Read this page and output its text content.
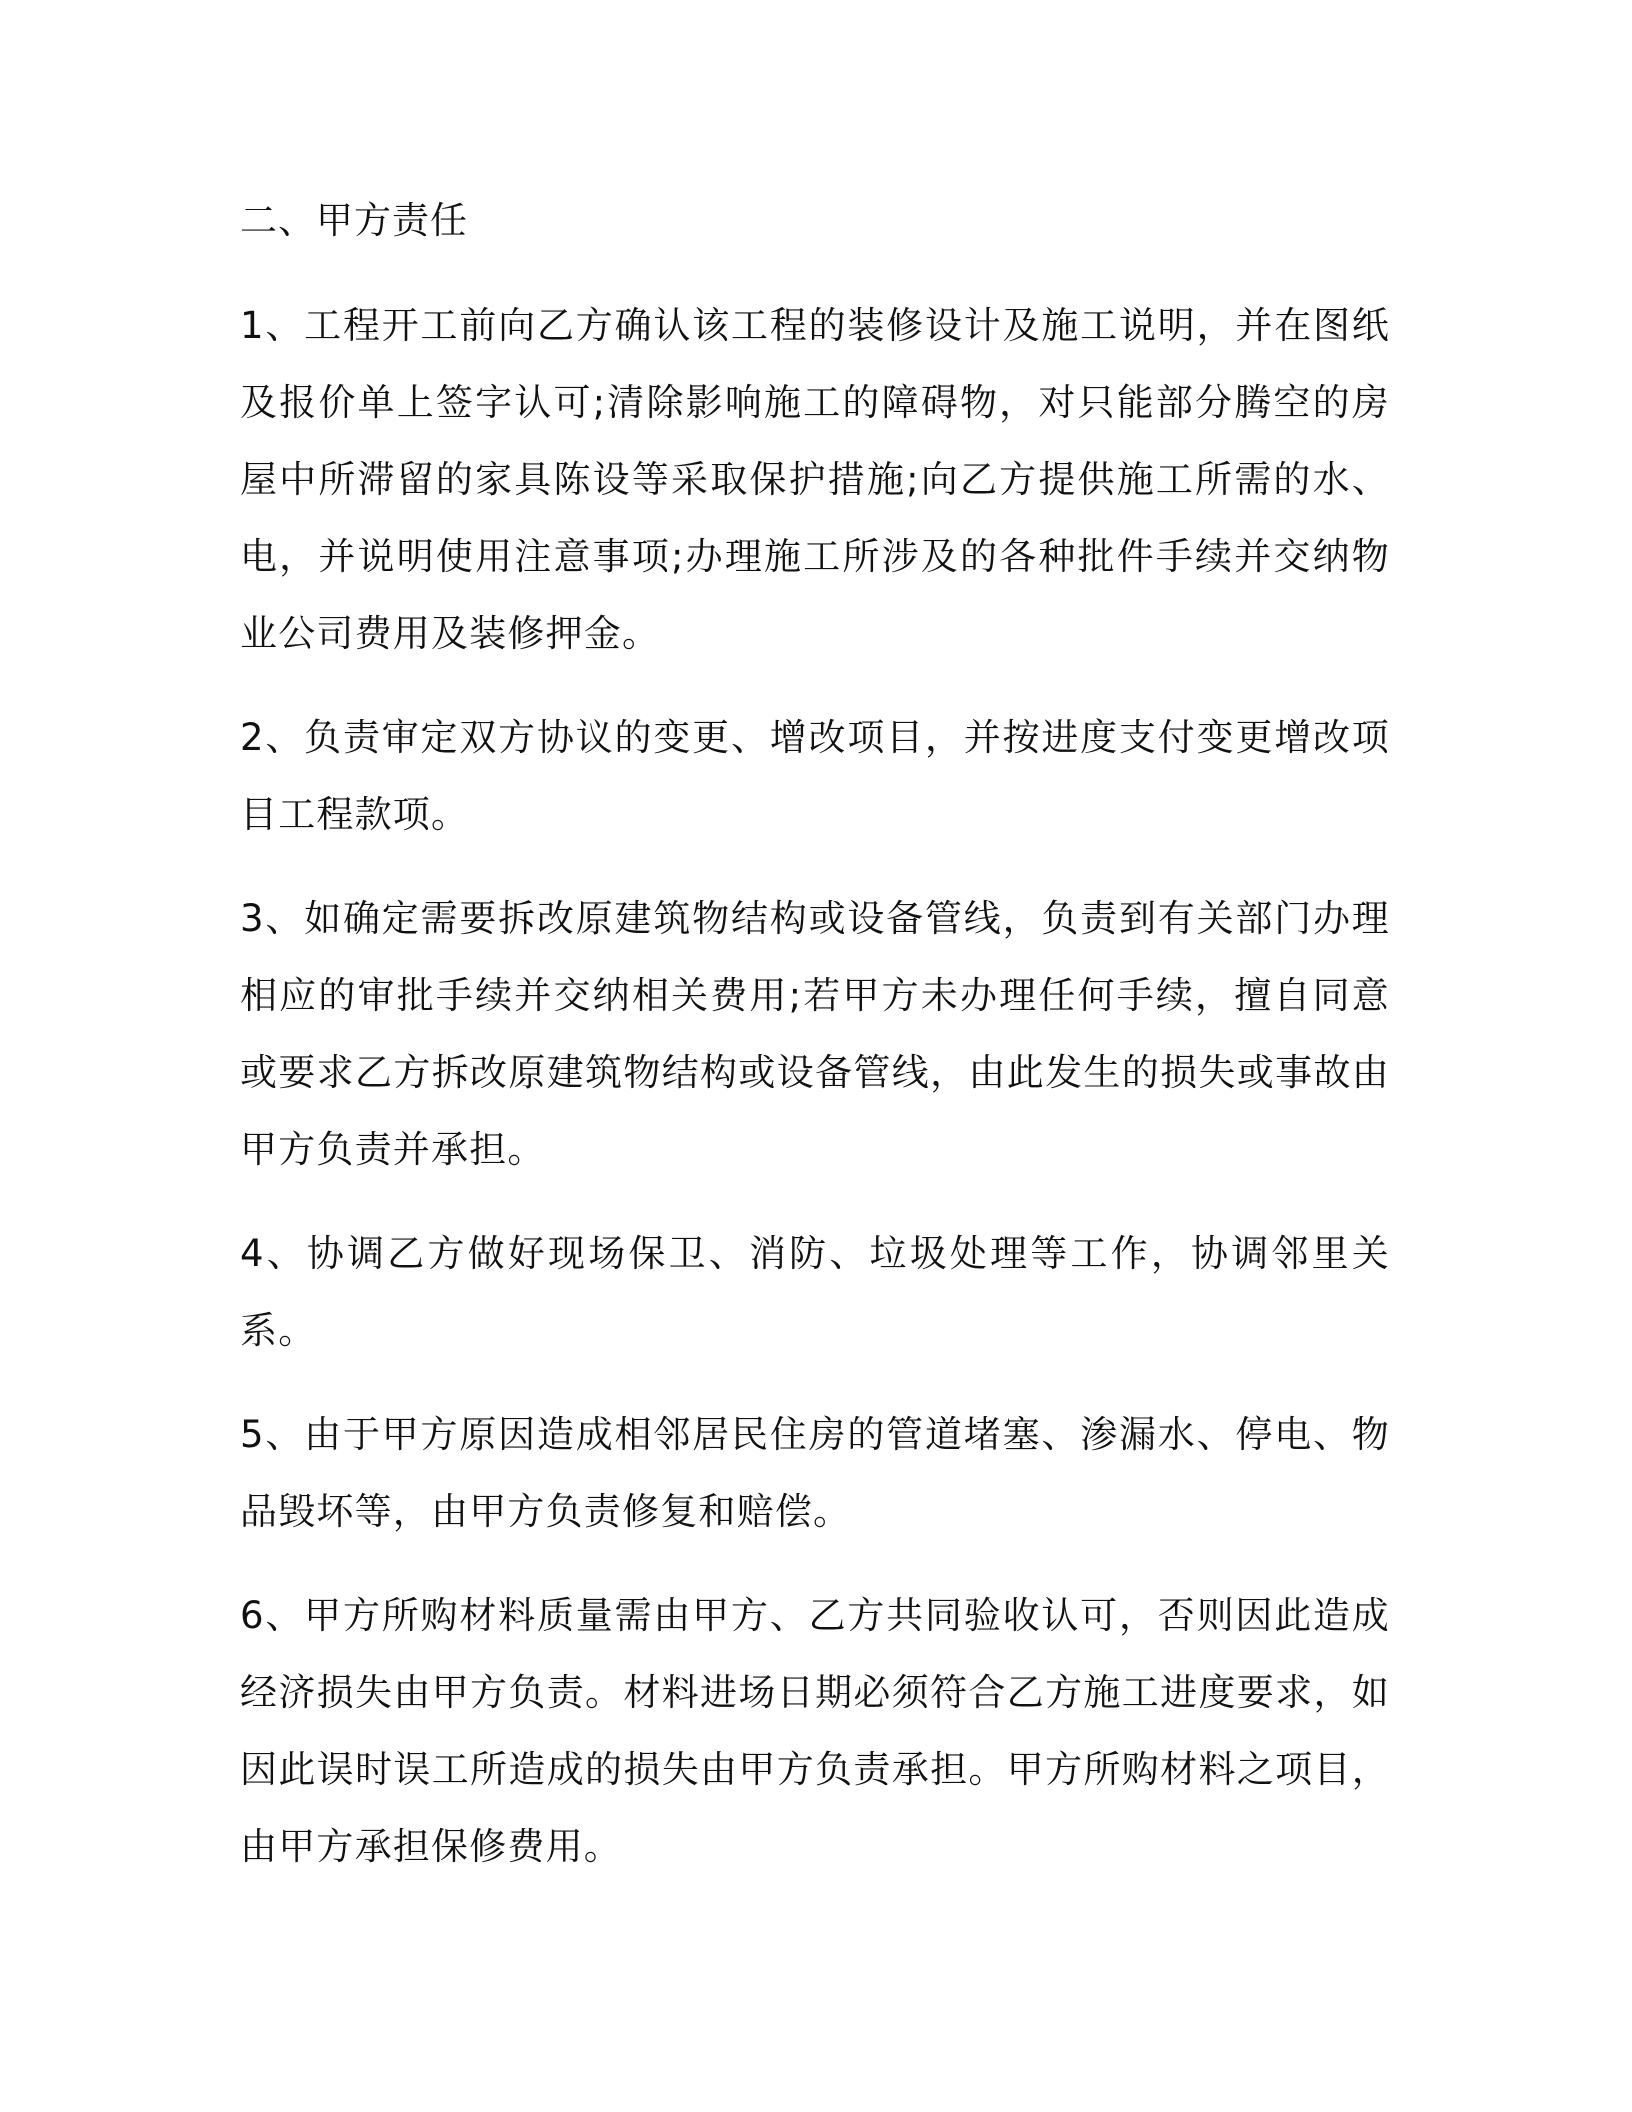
二、甲方责任

1、工程开工前向乙方确认该工程的装修设计及施工说明，并在图纸及报价单上签字认可;清除影响施工的障碍物，对只能部分腾空的房屋中所滞留的家具陈设等采取保护措施;向乙方提供施工所需的水、电，并说明使用注意事项;办理施工所涉及的各种批件手续并交纳物业公司费用及装修押金。

2、负责审定双方协议的变更、增改项目，并按进度支付变更增改项目工程款项。

3、如确定需要拆改原建筑物结构或设备管线，负责到有关部门办理相应的审批手续并交纳相关费用;若甲方未办理任何手续，擅自同意或要求乙方拆改原建筑物结构或设备管线，由此发生的损失或事故由甲方负责并承担。

4、协调乙方做好现场保卫、消防、垃圾处理等工作，协调邻里关系。

5、由于甲方原因造成相邻居民住房的管道堵塞、渗漏水、停电、物品毁坏等，由甲方负责修复和赔偿。

6、甲方所购材料质量需由甲方、乙方共同验收认可，否则因此造成经济损失由甲方负责。材料进场日期必须符合乙方施工进度要求，如因此误时误工所造成的损失由甲方负责承担。甲方所购材料之项目，由甲方承担保修费用。
